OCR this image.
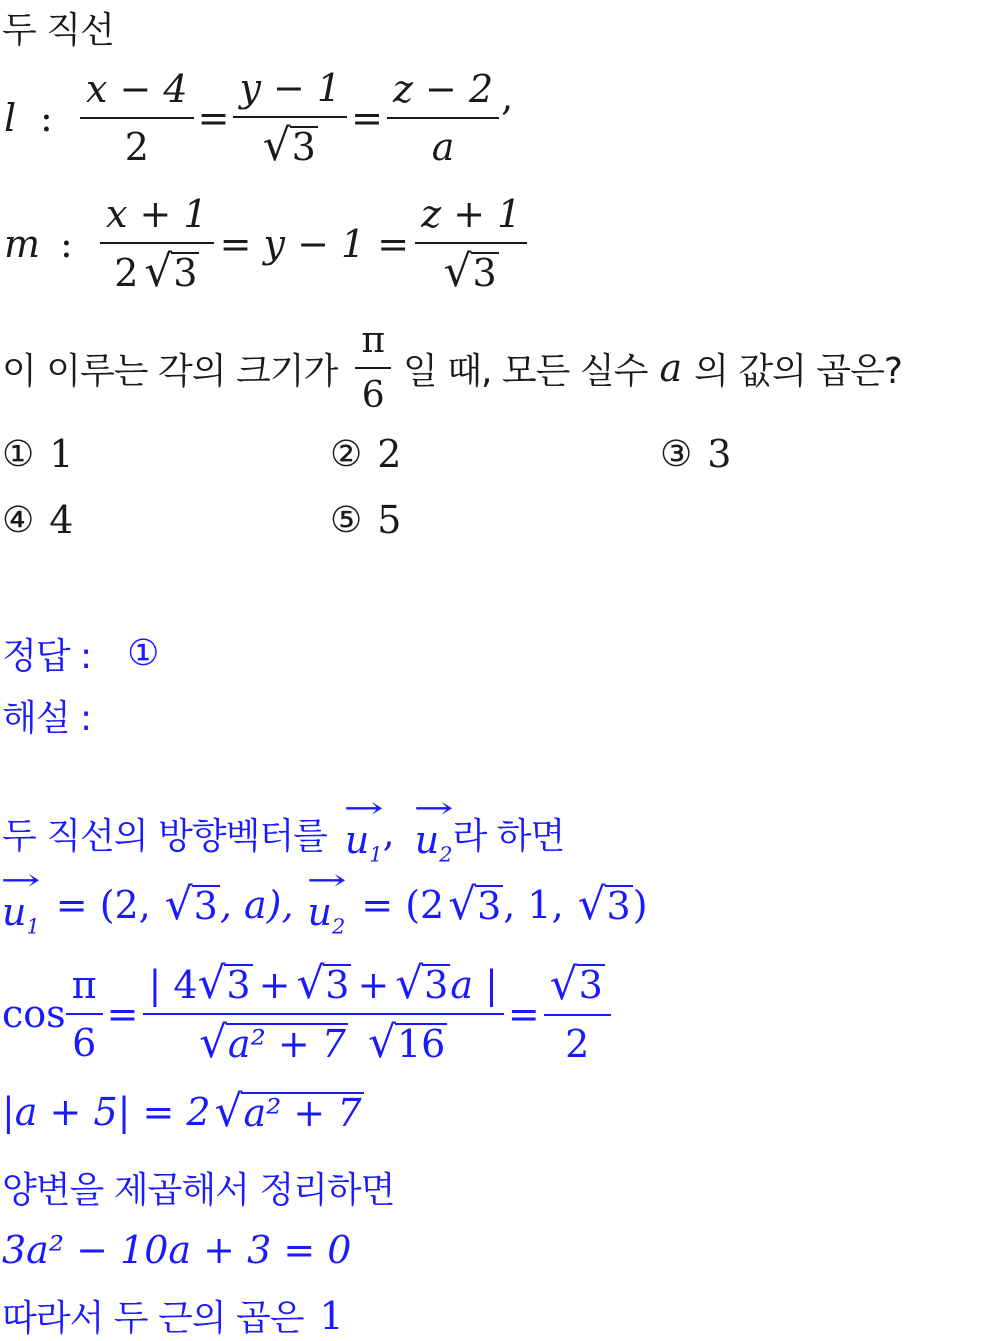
두 직선
l : $\frac{x - 4}{2} = \frac{y - 1}{√ 3} = \frac{z - 2}{a}$ ,
m : $\frac{x + 1}{2 √ 3} = y - 1 = \frac{z + 1}{√ 3}$
이 이루는 각의 크기가 $\frac{\pi}{6}$ 일 때, 모든 실수 a 의 값의 곱은?
① 1	② 2	③ 3
④ 4	⑤ 5
정답 : ①
해설 :
두 직선의 방향벡터를
→
$u_1$ ,
→
$u_2$ 라 하면
→
$u_1 = (2$, √ 3 , a),
→
$u_2 = (2$ √ 3 , 1, √ 3 )
$\cos \frac{\pi}{6}$ = | 4 √ 3 + √ 3 + √ 3 a |
√ a² + 7
√ $16 = \frac{√ 3}{2}$
|a + 5| = 2 √ a² + 7
양변을 제곱해서 정리하면
3a² − 10a + 3 = 0
따라서 두 근의 곱은 1
